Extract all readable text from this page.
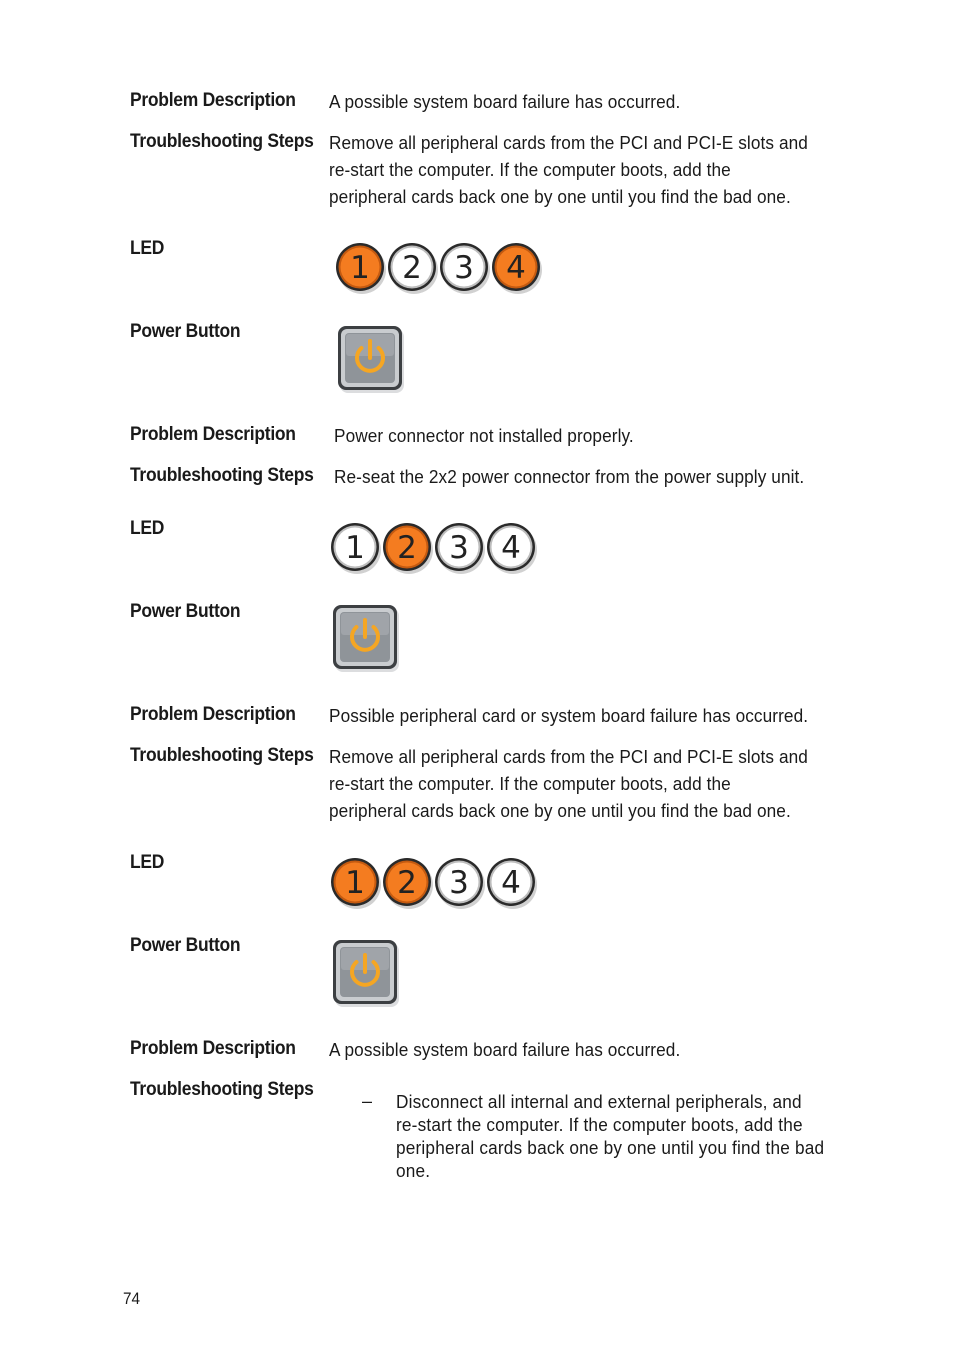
Problem Description A possible system board failure has occurred.
Troubleshooting Steps Remove all peripheral cards from the PCI and PCI-E slots and
re-start the computer. If the computer boots, add the
peripheral cards back one by one until you find the bad one.
LED
1 2 3 4
Power Button
Problem Description Power connector not installed properly.
Troubleshooting Steps Re-seat the 2x2 power connector from the power supply unit.
LED
1 2 3 4
Power Button
Problem Description Possible peripheral card or system board failure has occurred.
Troubleshooting Steps Remove all peripheral cards from the PCI and PCI-E slots and
re-start the computer. If the computer boots, add the
peripheral cards back one by one until you find the bad one.
LED
1 2 3 4
Power Button
Problem Description A possible system board failure has occurred.
Troubleshooting Steps
– Disconnect all internal and external peripherals, and
re-start the computer. If the computer boots, add the
peripheral cards back one by one until you find the bad
one.
74
